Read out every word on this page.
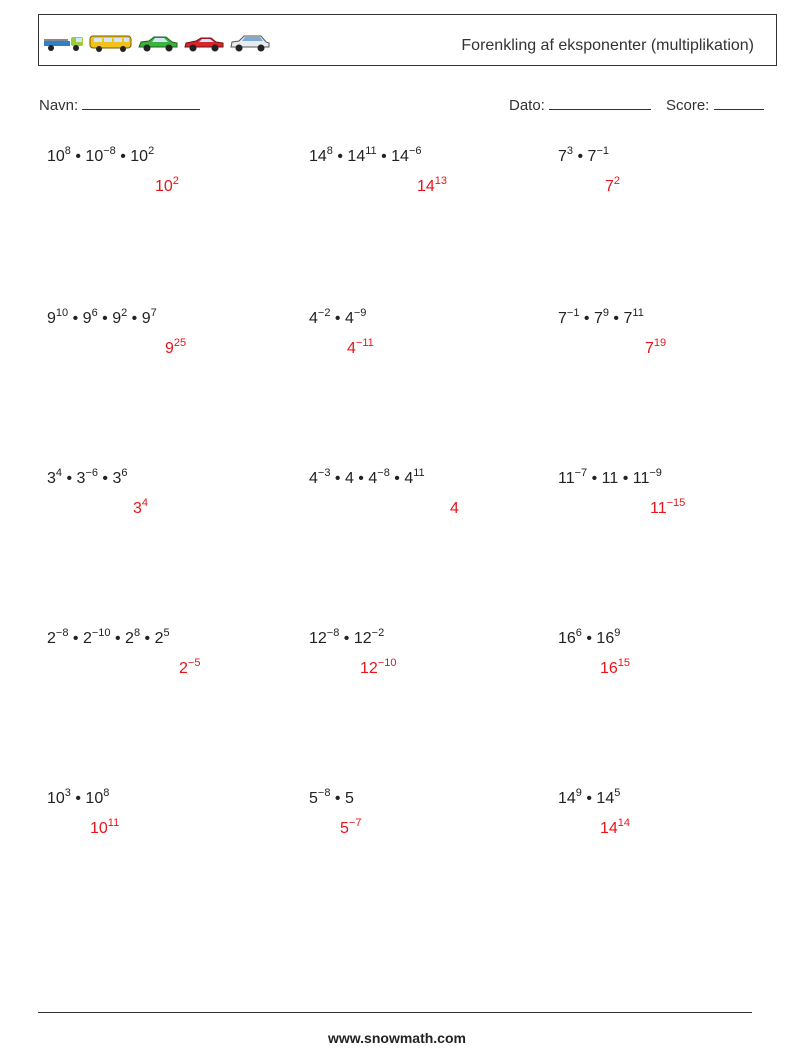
Forenkling af eksponenter (multiplikation)
Navn:	Dato:	Score:
$10^8$ • $10^{-8}$ • $10^2$
$10^2$
$14^8$ • $14^{11}$ • $14^{-6}$
$14^{13}$
$7^3$ • $7^{-1}$
$7^2$
$9^{10}$ • $9^6$ • $9^2$ • $9^7$
$9^{25}$
$4^{-2}$ • $4^{-9}$
$4^{-11}$
$7^{-1}$ • $7^9$ • $7^{11}$
$7^{19}$
$3^4$ • $3^{-6}$ • $3^6$
$3^4$
$4^{-3}$ • 4 • $4^{-8}$ • $4^{11}$
4
$11^{-7}$ • 11 • $11^{-9}$
$11^{-15}$
$2^{-8}$ • $2^{-10}$ • $2^8$ • $2^5$
$2^{-5}$
$12^{-8}$ • $12^{-2}$
$12^{-10}$
$16^6$ • $16^9$
$16^{15}$
$10^3$ • $10^8$
$10^{11}$
$5^{-8}$ • 5
$5^{-7}$
$14^9$ • $14^5$
$14^{14}$
www.snowmath.com
